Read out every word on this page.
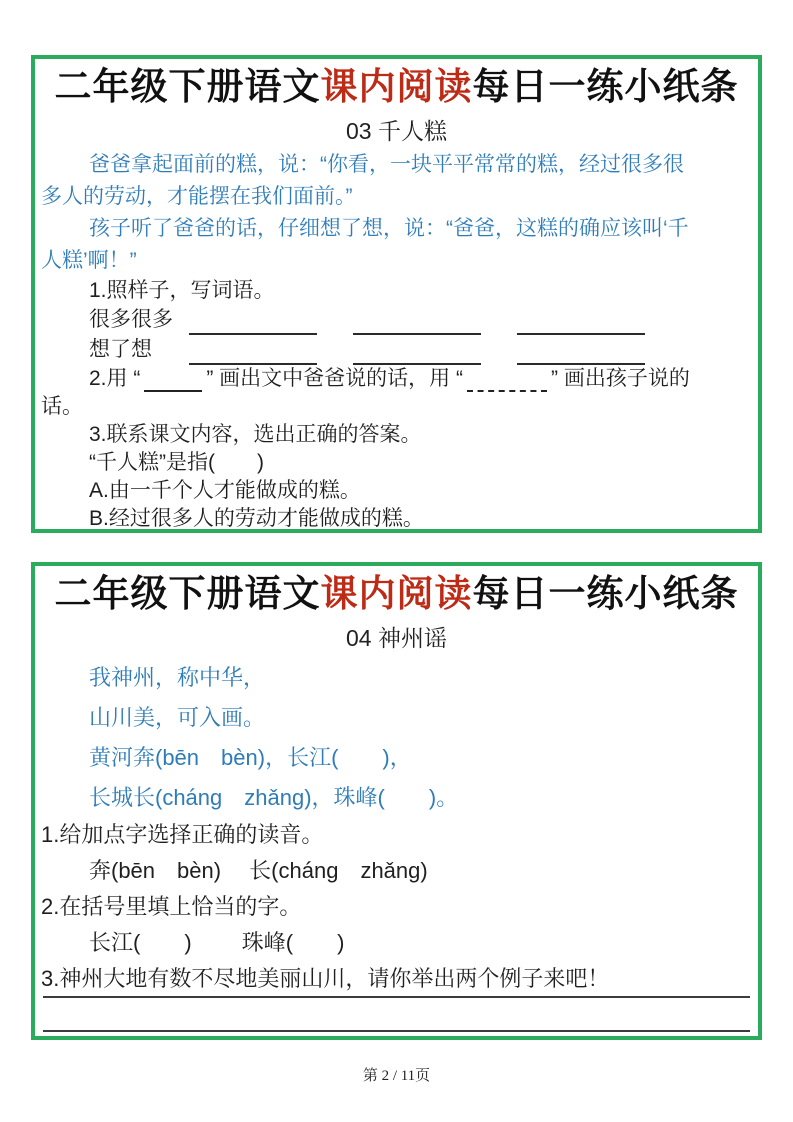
二年级下册语文课内阅读每日一练小纸条
03 千人糕
爸爸拿起面前的糕，说：“你看，一块平平常常的糕，经过很多很
多人的劳动，才能摆在我们面前。”
孩子听了爸爸的话，仔细想了想，说：“爸爸，这糕的确应该叫‘千
人糕’啊！”
1.照样子，写词语。
很多很多
想了想
2.用 “	” 画出文中爸爸说的话，用 “	” 画出孩子说的
话。
3.联系课文内容，选出正确的答案。
“千人糕”是指(　　)
A.由一千个人才能做成的糕。
B.经过很多人的劳动才能做成的糕。
二年级下册语文课内阅读每日一练小纸条
04 神州谣
我神州，称中华，
山川美，可入画。
黄河奔(bēn　bèn)，长江(　　)，
长城长(cháng　zhǎng)，珠峰(　　)。
1.给加点字选择正确的读音。
奔(bēn　bèn)　 长(cháng　zhǎng)
2.在括号里填上恰当的字。
长江(　　)　　 珠峰(　　)
3.神州大地有数不尽地美丽山川，请你举出两个例子来吧！
第 2 / 11页
